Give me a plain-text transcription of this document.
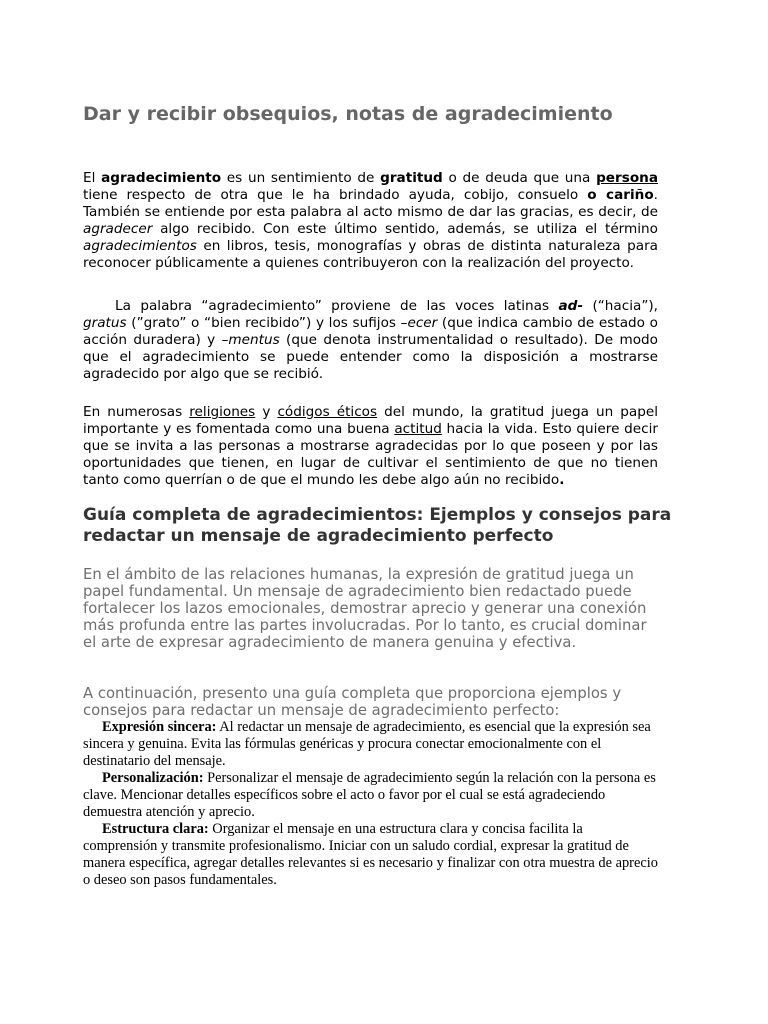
Dar y recibir obsequios, notas de agradecimiento

El agradecimiento es un sentimiento de gratitud o de deuda que una persona tiene respecto de otra que le ha brindado ayuda, cobijo, consuelo o cariño. También se entiende por esta palabra al acto mismo de dar las gracias, es decir, de agradecer algo recibido. Con este último sentido, además, se utiliza el término agradecimientos en libros, tesis, monografías y obras de distinta naturaleza para reconocer públicamente a quienes contribuyeron con la realización del proyecto.

La palabra “agradecimiento” proviene de las voces latinas ad- (“hacia”), gratus (”grato” o “bien recibido”) y los sufijos –ecer (que indica cambio de estado o acción duradera) y –mentus (que denota instrumentalidad o resultado). De modo que el agradecimiento se puede entender como la disposición a mostrarse agradecido por algo que se recibió.

En numerosas religiones y códigos éticos del mundo, la gratitud juega un papel importante y es fomentada como una buena actitud hacia la vida. Esto quiere decir que se invita a las personas a mostrarse agradecidas por lo que poseen y por las oportunidades que tienen, en lugar de cultivar el sentimiento de que no tienen tanto como querrían o de que el mundo les debe algo aún no recibido.

Guía completa de agradecimientos: Ejemplos y consejos para redactar un mensaje de agradecimiento perfecto

En el ámbito de las relaciones humanas, la expresión de gratitud juega un papel fundamental. Un mensaje de agradecimiento bien redactado puede fortalecer los lazos emocionales, demostrar aprecio y generar una conexión más profunda entre las partes involucradas. Por lo tanto, es crucial dominar el arte de expresar agradecimiento de manera genuina y efectiva.

A continuación, presento una guía completa que proporciona ejemplos y consejos para redactar un mensaje de agradecimiento perfecto:

Expresión sincera: Al redactar un mensaje de agradecimiento, es esencial que la expresión sea sincera y genuina. Evita las fórmulas genéricas y procura conectar emocionalmente con el destinatario del mensaje.

Personalización: Personalizar el mensaje de agradecimiento según la relación con la persona es clave. Mencionar detalles específicos sobre el acto o favor por el cual se está agradeciendo demuestra atención y aprecio.

Estructura clara: Organizar el mensaje en una estructura clara y concisa facilita la comprensión y transmite profesionalismo. Iniciar con un saludo cordial, expresar la gratitud de manera específica, agregar detalles relevantes si es necesario y finalizar con otra muestra de aprecio o deseo son pasos fundamentales.
